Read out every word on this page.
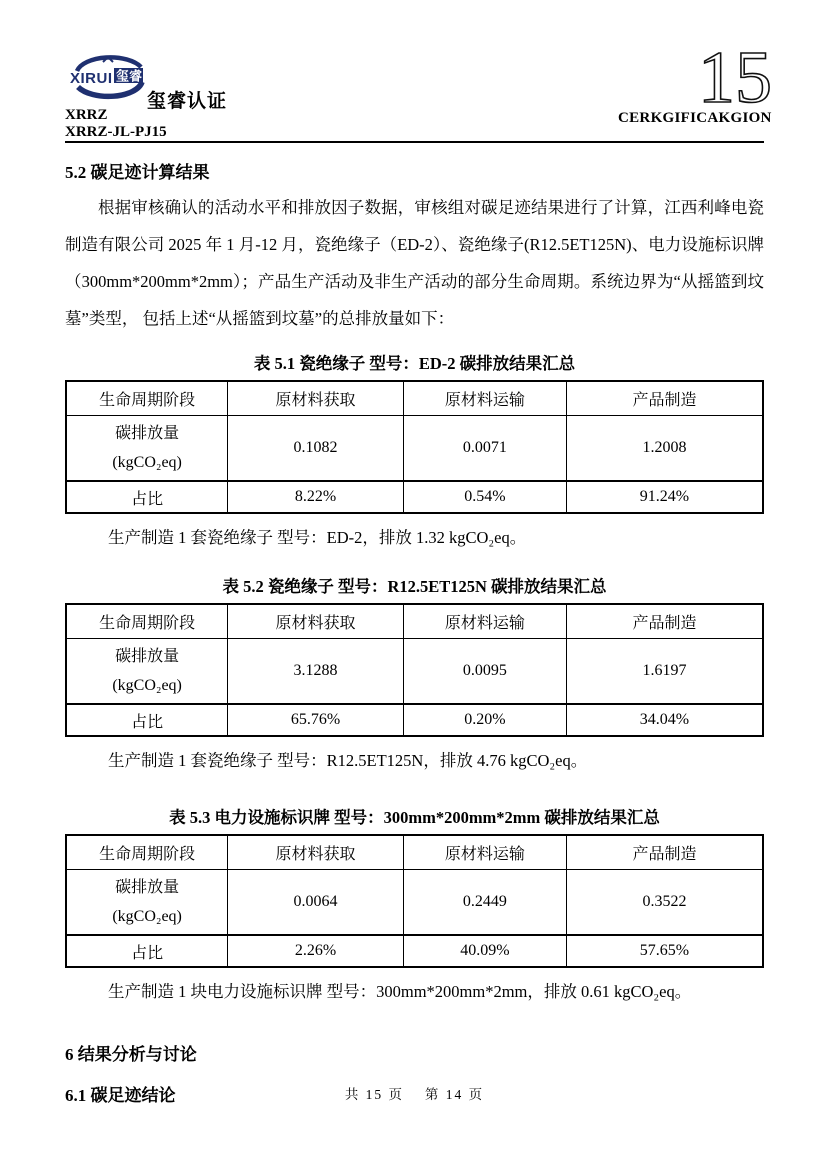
XIRUI 玺睿
玺睿认证
XRRZ
XRRZ-JL-PJ15
15
CERKGIFICAKGION
5.2 碳足迹计算结果

根据审核确认的活动水平和排放因子数据，审核组对碳足迹结果进行了计算，江西利峰电瓷制造有限公司 2025 年 1 月-12 月，瓷绝缘子（ED-2）、瓷绝缘子(R12.5ET125N)、电力设施标识牌（300mm*200mm*2mm）；产品生产活动及非生产活动的部分生命周期。系统边界为“从摇篮到坟墓”类型， 包括上述“从摇篮到坟墓”的总排放量如下：

表 5.1 瓷绝缘子 型号：ED-2 碳排放结果汇总

生命周期阶段	原材料获取	原材料运输	产品制造

碳排放量
(kgCO₂eq)	0.1082	0.0071	1.2008
占比	8.22%	0.54%	91.24%

生产制造 1 套瓷绝缘子 型号：ED-2，排放 1.32 kgCO₂eq。

表 5.2 瓷绝缘子 型号：R12.5ET125N 碳排放结果汇总

生命周期阶段	原材料获取	原材料运输	产品制造

碳排放量
(kgCO₂eq)	3.1288	0.0095	1.6197
占比	65.76%	0.20%	34.04%

生产制造 1 套瓷绝缘子 型号：R12.5ET125N，排放 4.76 kgCO₂eq。

表 5.3 电力设施标识牌 型号：300mm*200mm*2mm 碳排放结果汇总

生命周期阶段	原材料获取	原材料运输	产品制造

碳排放量
(kgCO₂eq)	0.0064	0.2449	0.3522
占比	2.26%	40.09%	57.65%

生产制造 1 块电力设施标识牌 型号：300mm*200mm*2mm，排放 0.61 kgCO₂eq。

6 结果分析与讨论
6.1 碳足迹结论	共 15 页　 第 14 页
